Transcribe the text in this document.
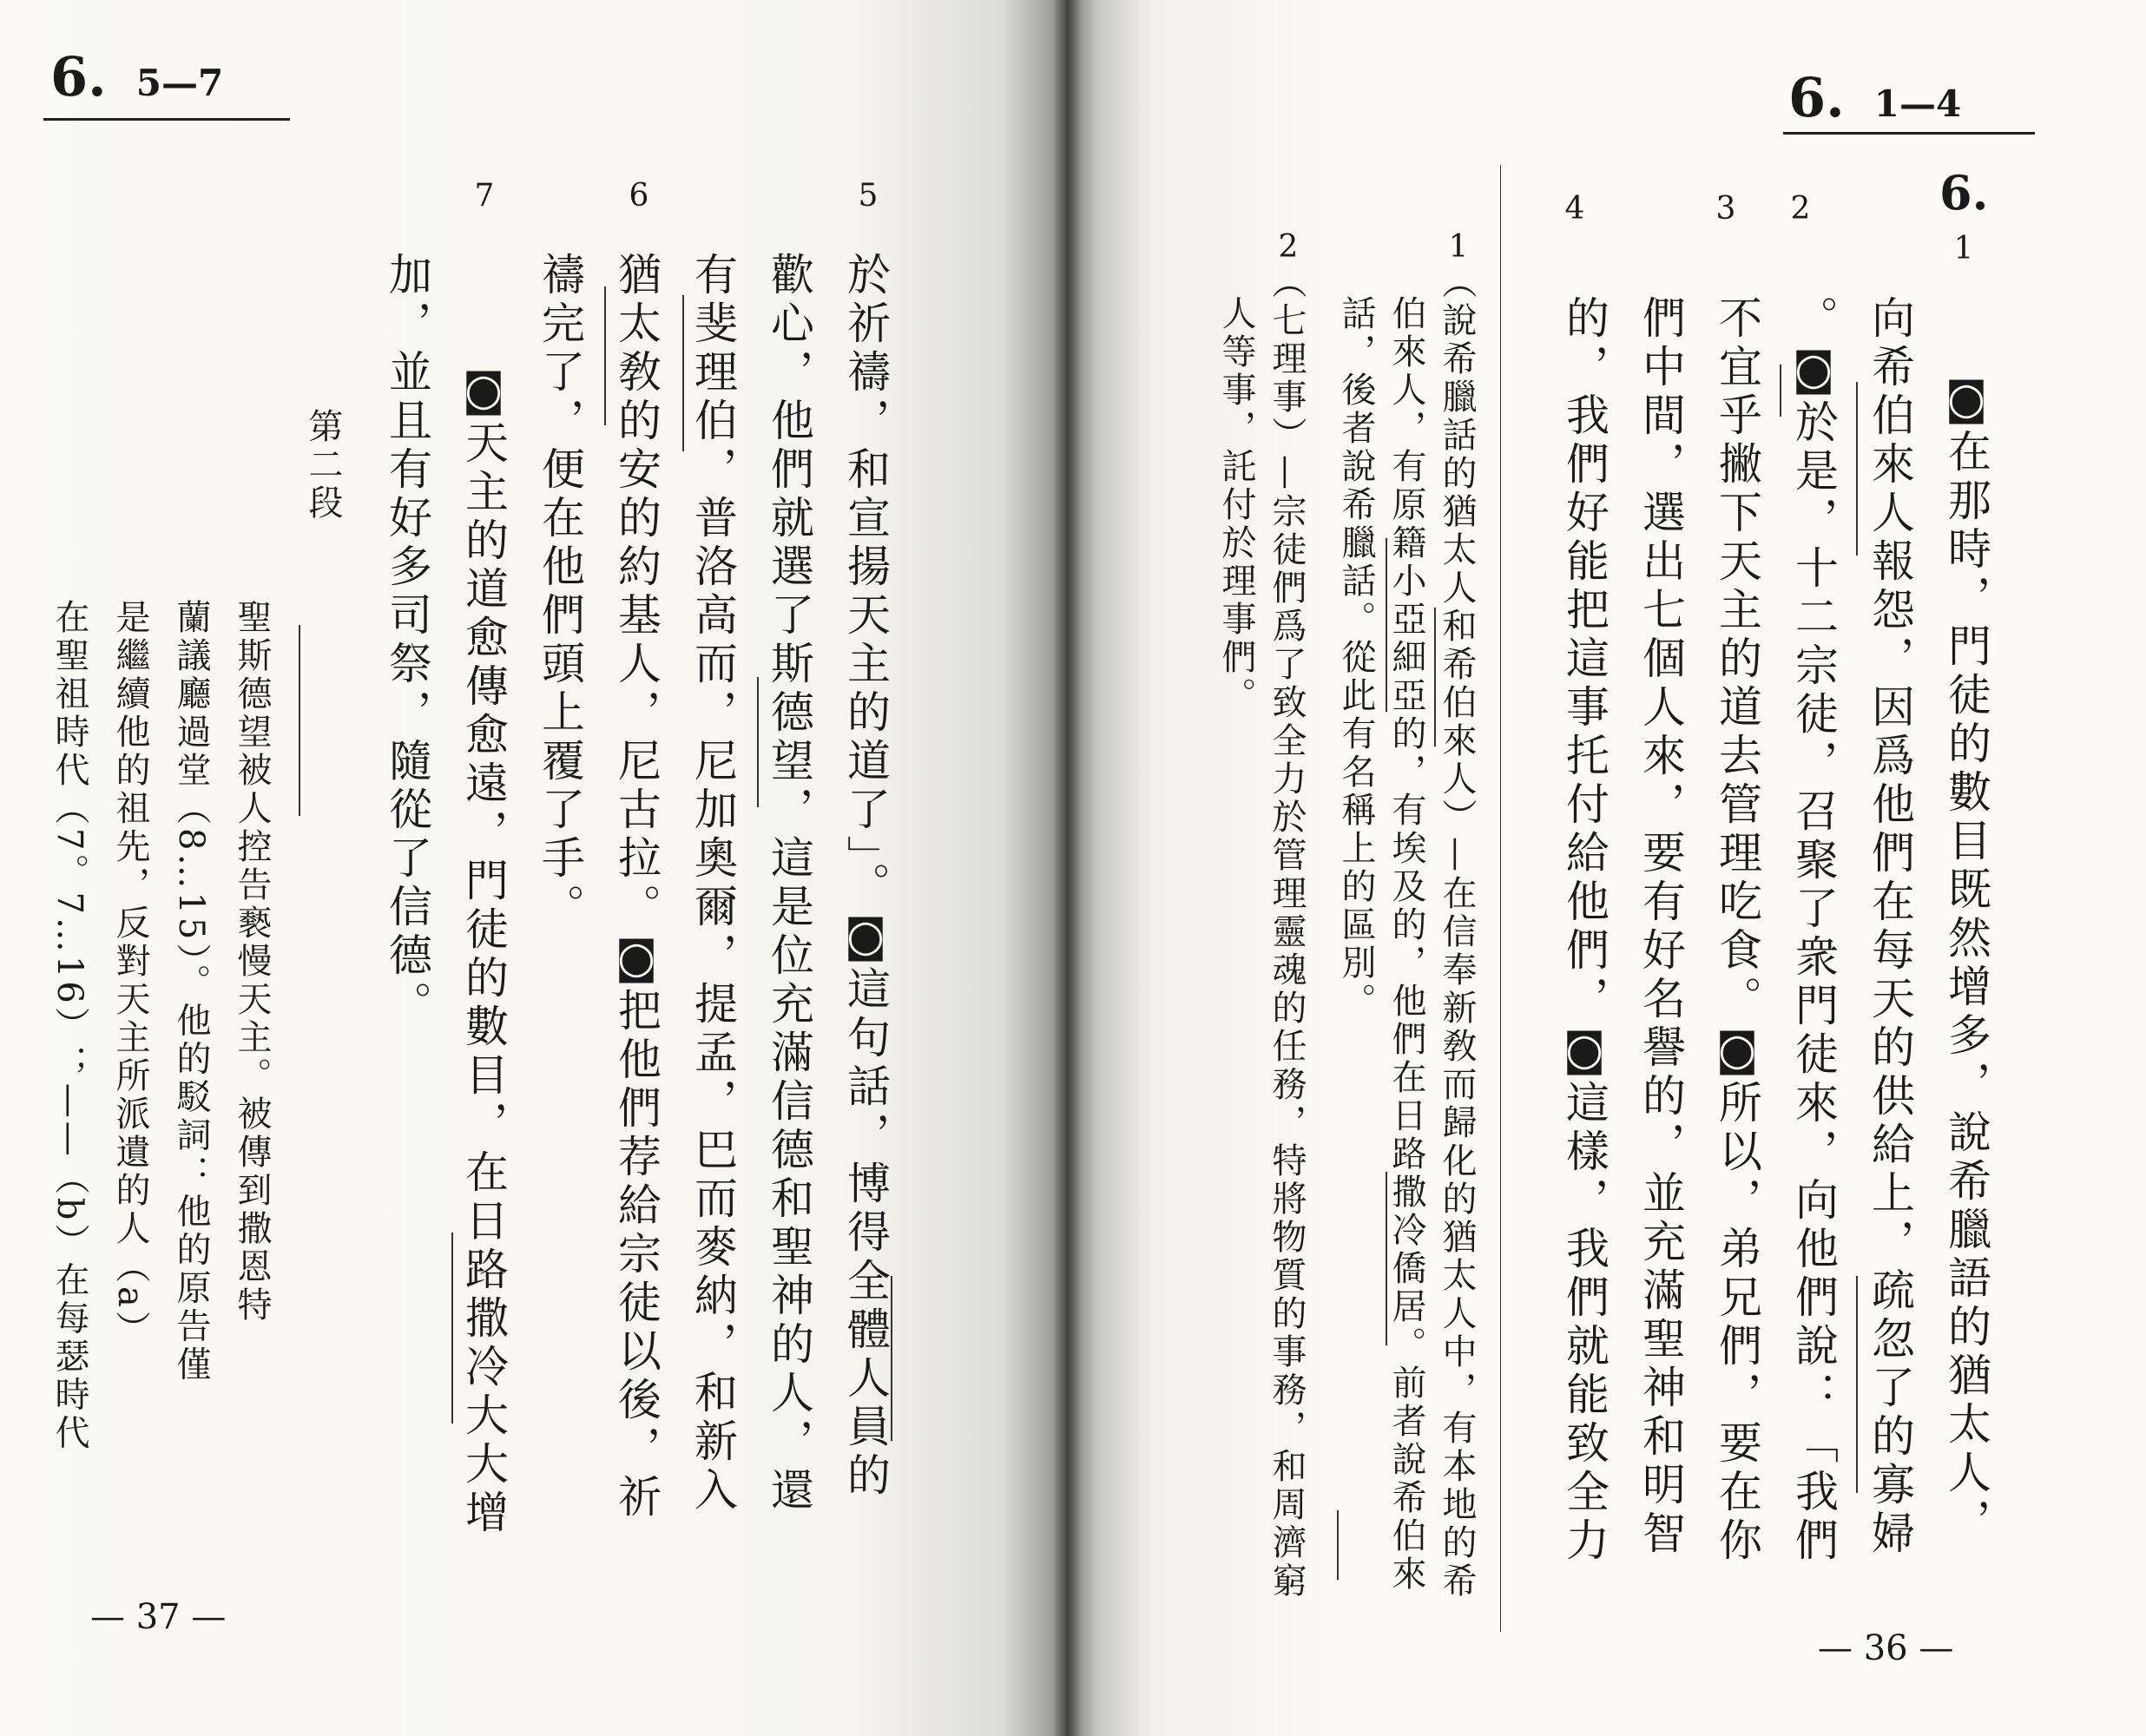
6. 5—7
5
6
7
於祈禱，和宣揚天主的道了」。◙這句話，博得全體人員的
歡心，他們就選了斯德望，這是位充滿信德和聖神的人，還
有斐理伯，普洛高而，尼加奧爾，提孟，巴而麥納，和新入
猶太敎的安的約基人，尼古拉。◙把他們荐給宗徒以後，祈
禱完了，便在他們頭上覆了手。
◙天主的道愈傳愈遠，門徒的數目，在日路撒冷大大增
加，並且有好多司祭，隨從了信德。
第二段
聖斯德望被人控告褻慢天主。被傳到撒恩特
蘭議廳過堂（8…15）。他的駁詞：他的原告僅
是繼續他的祖先，反對天主所派遺的人（a）
在聖祖時代（7。7…16）；——（b）在每瑟時代
— 37 —
6. 1—4
6.
1
2
3
4
◙在那時，門徒的數目既然增多，說希臘語的猶太人，
向希伯來人報怨，因爲他們在每天的供給上，疏忽了的寡婦
。◙於是，十二宗徒，召聚了衆門徒來，向他們說：「我們
不宜乎撇下天主的道去管理吃食。◙所以，弟兄們，要在你
們中間，選出七個人來，要有好名譽的，並充滿聖神和明智
的，我們好能把這事托付給他們，◙這樣，我們就能致全力
1
（說希臘話的猶太人和希伯來人）—在信奉新敎而歸化的猶太人中，有本地的希
伯來人，有原籍小亞細亞的，有埃及的，他們在日路撒冷僑居。前者說希伯來
話，後者說希臘話。從此有名稱上的區別。
2
（七理事）—宗徒們爲了致全力於管理靈魂的任務，特將物質的事務，和周濟窮
人等事，託付於理事們。
— 36 —
